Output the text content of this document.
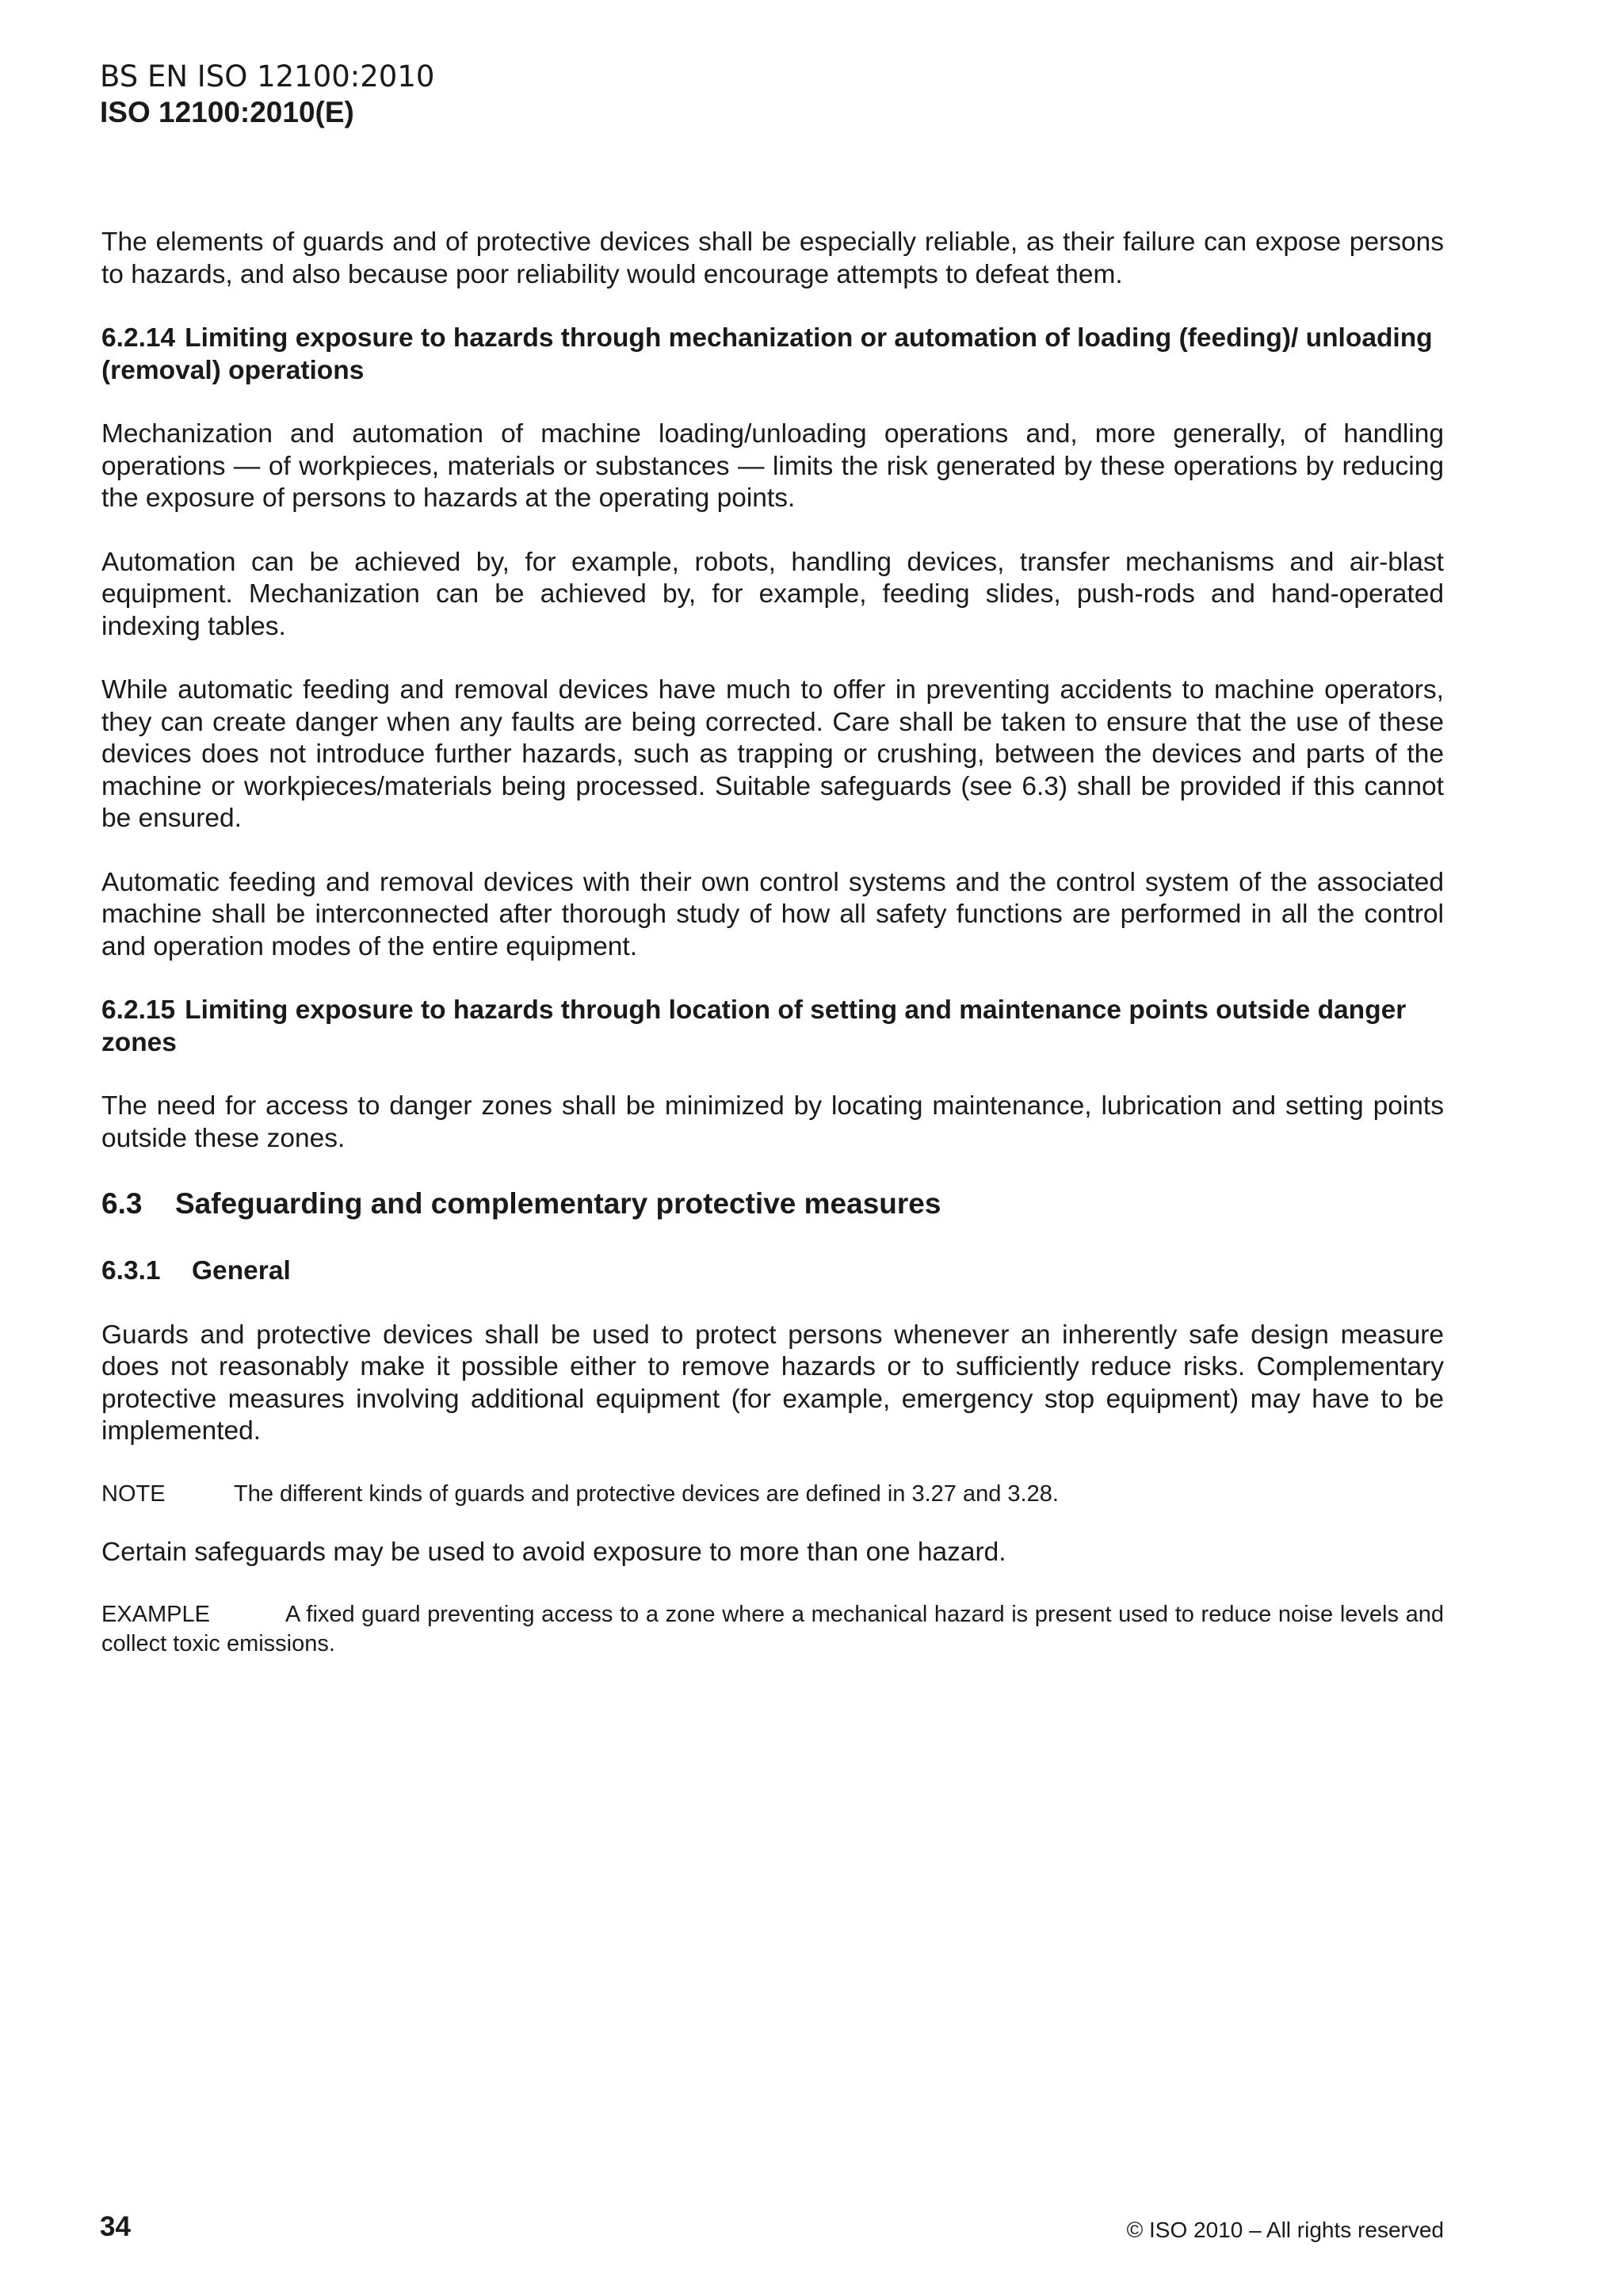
BS EN ISO 12100:2010
ISO 12100:2010(E)

The elements of guards and of protective devices shall be especially reliable, as their failure can expose persons to hazards, and also because poor reliability would encourage attempts to defeat them.

6.2.14 Limiting exposure to hazards through mechanization or automation of loading (feeding)/ unloading (removal) operations

Mechanization and automation of machine loading/unloading operations and, more generally, of handling operations — of workpieces, materials or substances — limits the risk generated by these operations by reducing the exposure of persons to hazards at the operating points.

Automation can be achieved by, for example, robots, handling devices, transfer mechanisms and air-blast equipment. Mechanization can be achieved by, for example, feeding slides, push-rods and hand-operated indexing tables.

While automatic feeding and removal devices have much to offer in preventing accidents to machine operators, they can create danger when any faults are being corrected. Care shall be taken to ensure that the use of these devices does not introduce further hazards, such as trapping or crushing, between the devices and parts of the machine or workpieces/materials being processed. Suitable safeguards (see 6.3) shall be provided if this cannot be ensured.

Automatic feeding and removal devices with their own control systems and the control system of the associated machine shall be interconnected after thorough study of how all safety functions are performed in all the control and operation modes of the entire equipment.

6.2.15 Limiting exposure to hazards through location of setting and maintenance points outside danger zones

The need for access to danger zones shall be minimized by locating maintenance, lubrication and setting points outside these zones.

6.3 Safeguarding and complementary protective measures
6.3.1 General

Guards and protective devices shall be used to protect persons whenever an inherently safe design measure does not reasonably make it possible either to remove hazards or to sufficiently reduce risks. Complementary protective measures involving additional equipment (for example, emergency stop equipment) may have to be implemented.

NOTE	The different kinds of guards and protective devices are defined in 3.27 and 3.28.

Certain safeguards may be used to avoid exposure to more than one hazard.

EXAMPLE	A fixed guard preventing access to a zone where a mechanical hazard is present used to reduce noise levels and collect toxic emissions.

34	© ISO 2010 – All rights reserved
